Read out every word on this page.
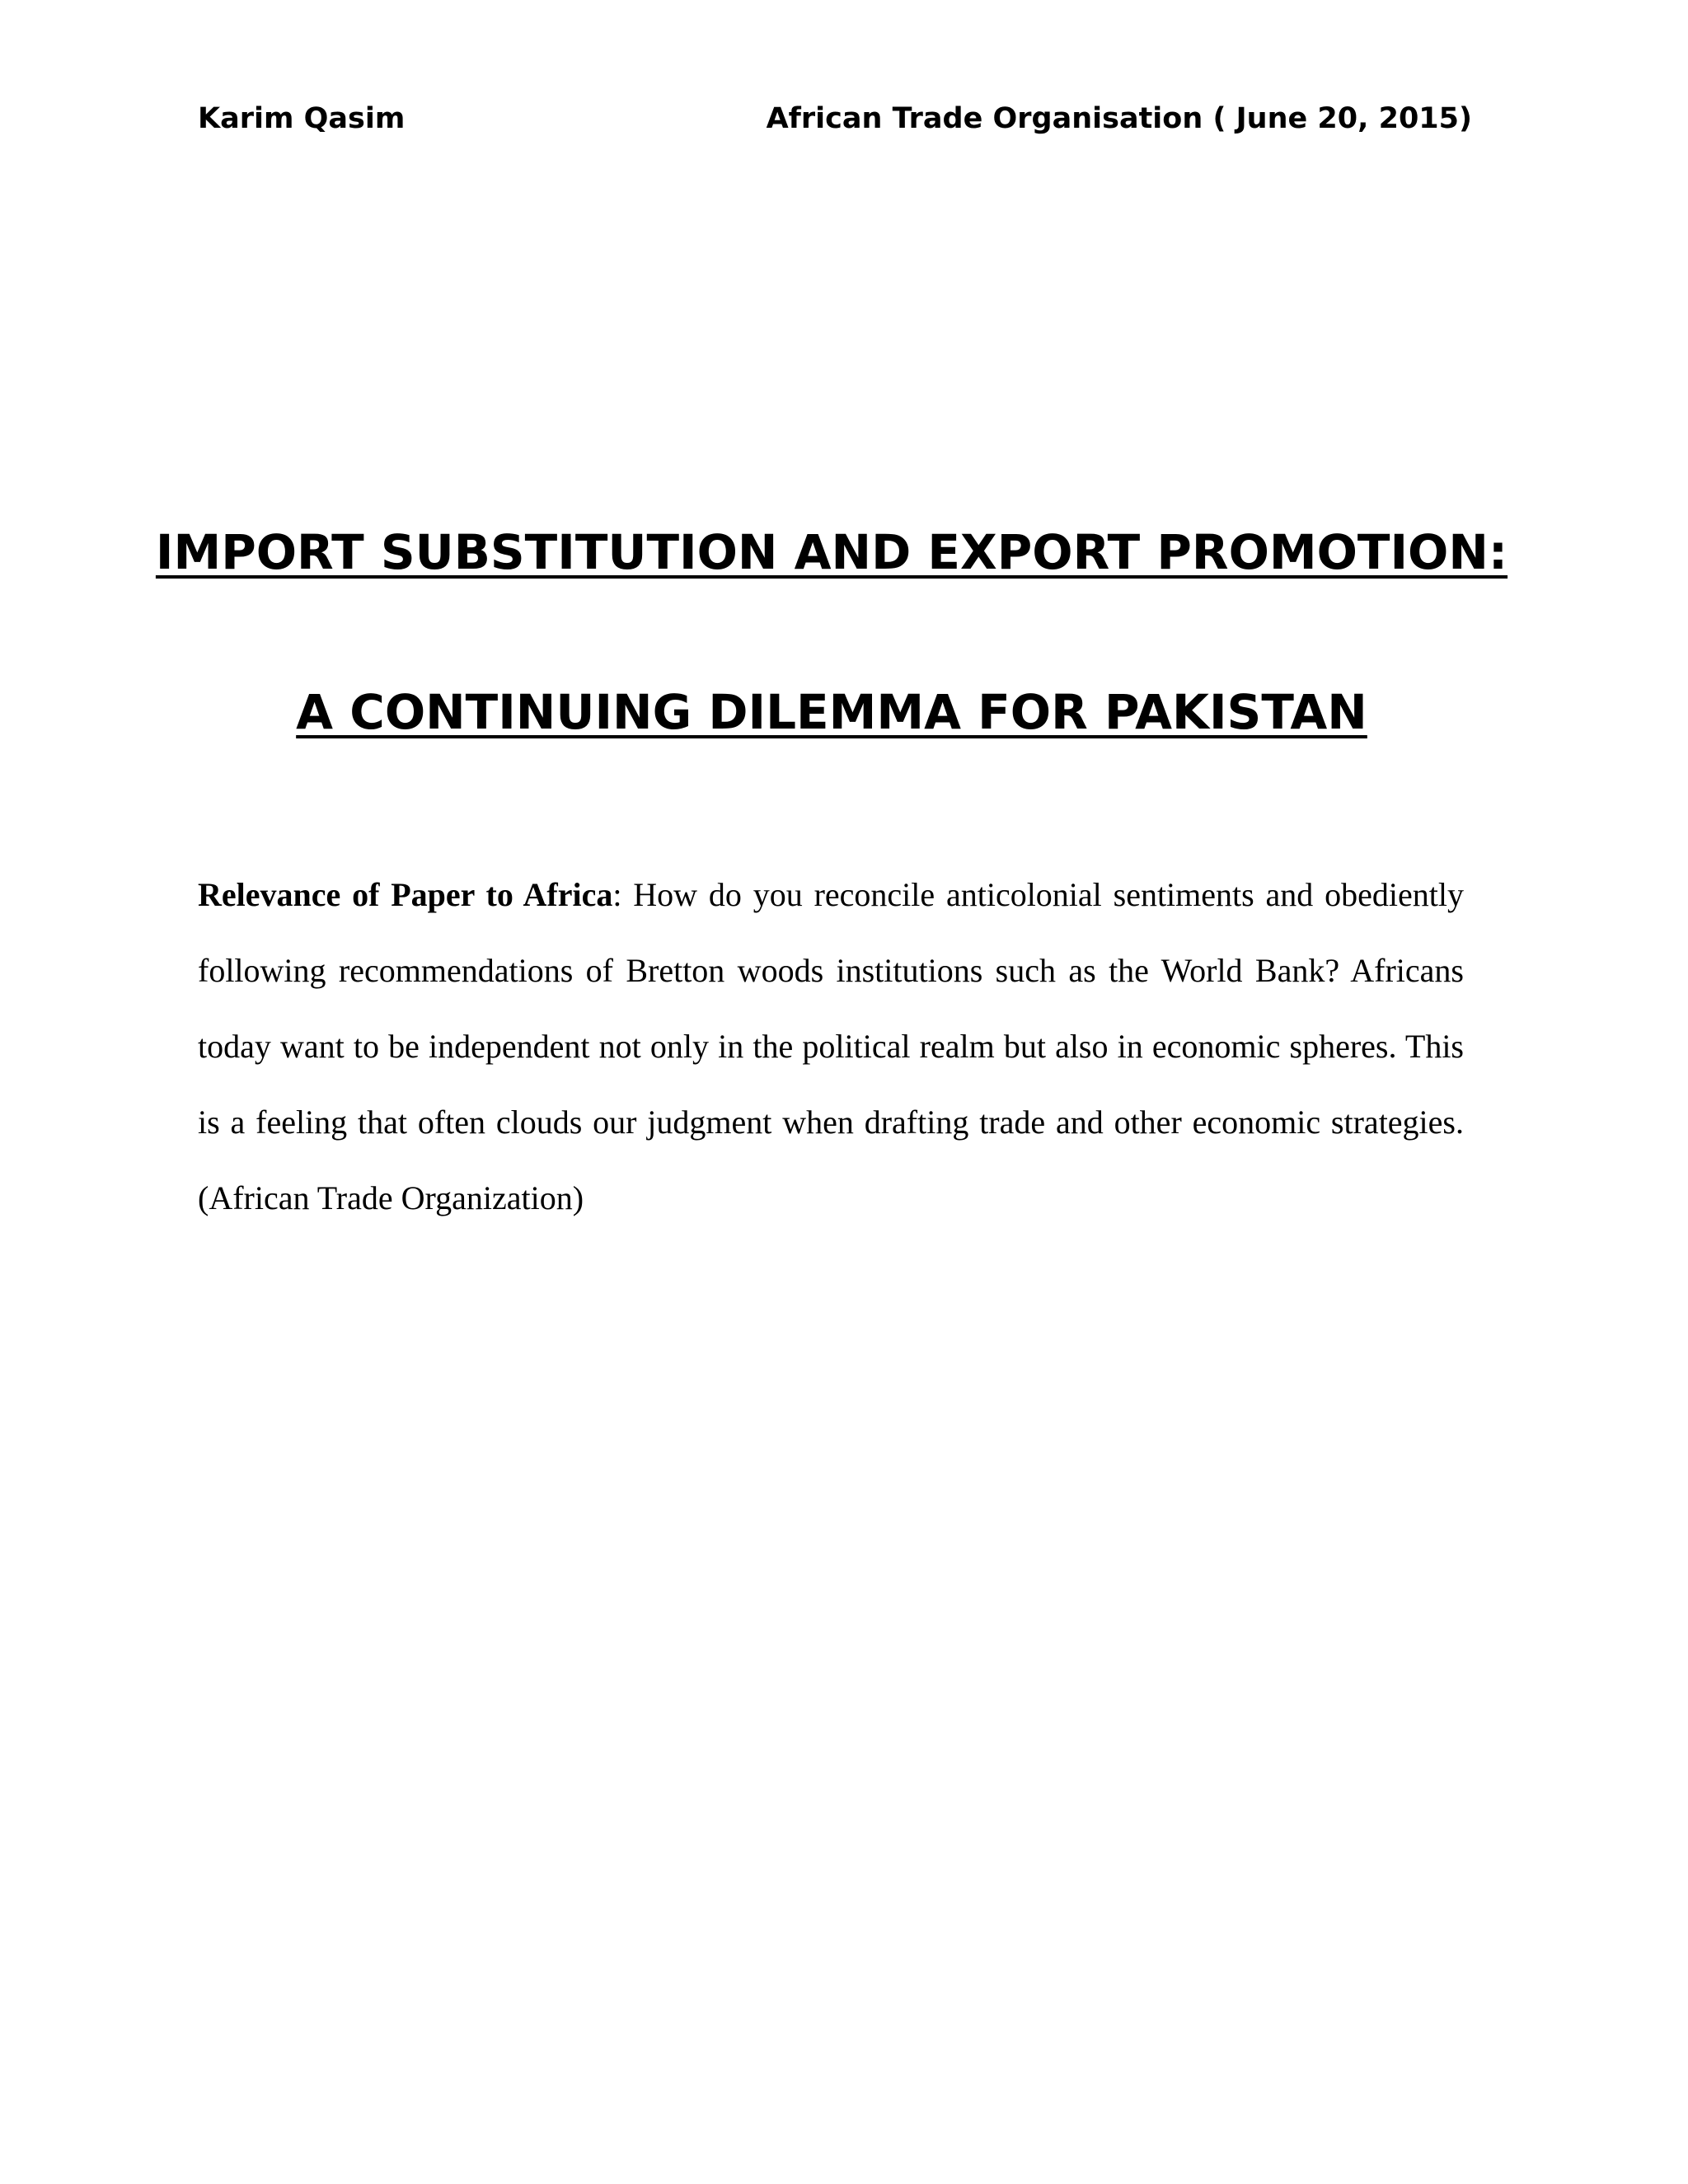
Karim Qasim	African Trade Organisation ( June 20, 2015)
IMPORT SUBSTITUTION AND EXPORT PROMOTION:
A CONTINUING DILEMMA FOR PAKISTAN

Relevance of Paper to Africa: How do you reconcile anticolonial sentiments and obediently following recommendations of Bretton woods institutions such as the World Bank? Africans today want to be independent not only in the political realm but also in economic spheres. This is a feeling that often clouds our judgment when drafting trade and other economic strategies. (African Trade Organization)
